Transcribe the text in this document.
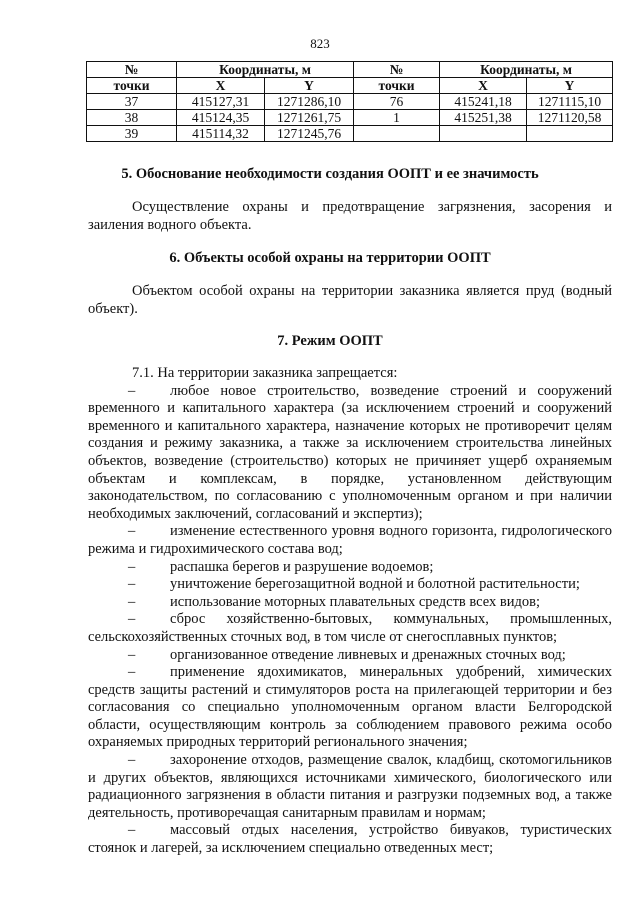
823
№	Координаты, м		№	Координаты, м	
точки	X	Y	точки	X	Y
37	415127,31	1271286,10	76	415241,18	1271115,10
38	415124,35	1271261,75	1	415251,38	1271120,58
39	415114,32	1271245,76			
5. Обоснование необходимости создания ООПТ и ее значимость

Осуществление охраны и предотвращение загрязнения, засорения и заиления водного объекта.

6. Объекты особой охраны на территории ООПТ

Объектом особой охраны на территории заказника является пруд (водный объект).

7. Режим ООПТ

7.1. На территории заказника запрещается:

–	любое новое строительство, возведение строений и сооружений временного и капитального характера (за исключением строений и сооружений временного и капитального характера, назначение которых не противоречит целям создания и режиму заказника, а также за исключением строительства линейных объектов, возведение (строительство) которых не причиняет ущерб охраняемым объектам и комплексам, в порядке, установленном действующим законодательством, по согласованию с уполномоченным органом и при наличии необходимых заключений, согласований и экспертиз);

–	изменение естественного уровня водного горизонта, гидрологического режима и гидрохимического состава вод;

–	распашка берегов и разрушение водоемов;

–	уничтожение берегозащитной водной и болотной растительности;

–	использование моторных плавательных средств всех видов;

–	сброс хозяйственно-бытовых, коммунальных, промышленных, сельскохозяйственных сточных вод, в том числе от снегосплавных пунктов;

–	организованное отведение ливневых и дренажных сточных вод;

–	применение ядохимикатов, минеральных удобрений, химических средств защиты растений и стимуляторов роста на прилегающей территории и без согласования со специально уполномоченным органом власти Белгородской области, осуществляющим контроль за соблюдением правового режима особо охраняемых природных территорий регионального значения;

–	захоронение отходов, размещение свалок, кладбищ, скотомогильников и других объектов, являющихся источниками химического, биологического или радиационного загрязнения в области питания и разгрузки подземных вод, а также деятельность, противоречащая санитарным правилам и нормам;

–	массовый отдых населения, устройство бивуаков, туристических стоянок и лагерей, за исключением специально отведенных мест;
